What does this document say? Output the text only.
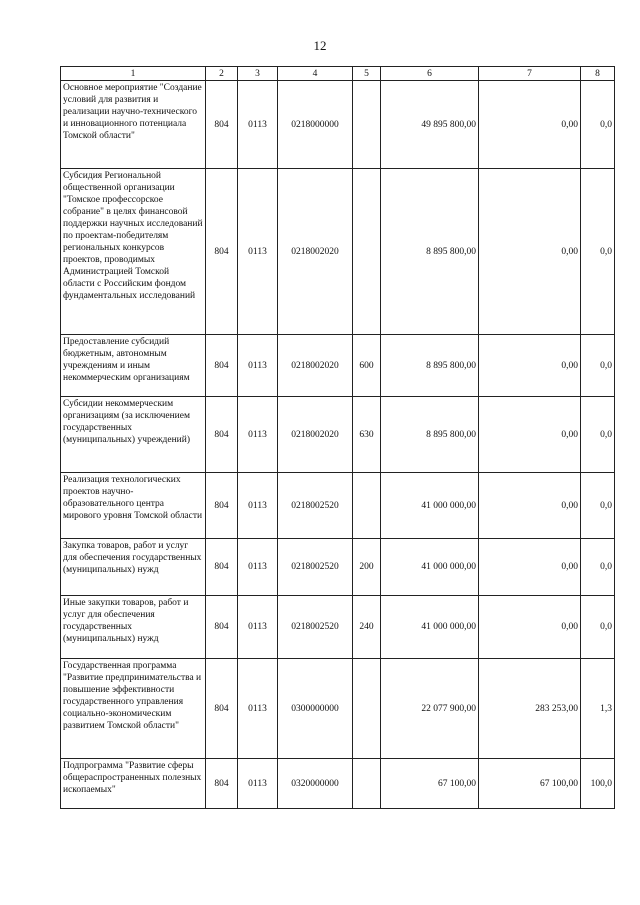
12
1	2	3	4	5	6	7	8
Основное мероприятие "Создание условий для развития и реализации научно-технического и инновационного потенциала Томской области"	804	0113	0218000000		49 895 800,00	0,00	0,0
Субсидия Региональной общественной организации "Томское профессорское собрание" в целях финансовой поддержки научных исследований по проектам-победителям региональных конкурсов проектов, проводимых Администрацией Томской области с Российским фондом фундаментальных исследований	804	0113	0218002020		8 895 800,00	0,00	0,0
Предоставление субсидий бюджетным, автономным учреждениям и иным некоммерческим организациям	804	0113	0218002020	600	8 895 800,00	0,00	0,0
Субсидии некоммерческим организациям (за исключением государственных (муниципальных) учреждений)	804	0113	0218002020	630	8 895 800,00	0,00	0,0
Реализация технологических проектов научно-образовательного центра мирового уровня Томской области	804	0113	0218002520		41 000 000,00	0,00	0,0
Закупка товаров, работ и услуг для обеспечения государственных (муниципальных) нужд	804	0113	0218002520	200	41 000 000,00	0,00	0,0
Иные закупки товаров, работ и услуг для обеспечения государственных (муниципальных) нужд	804	0113	0218002520	240	41 000 000,00	0,00	0,0
Государственная программа "Развитие предпринимательства и повышение эффективности государственного управления социально-экономическим развитием Томской области"	804	0113	0300000000		22 077 900,00	283 253,00	1,3
Подпрограмма "Развитие сферы общераспространенных полезных ископаемых"	804	0113	0320000000		67 100,00	67 100,00	100,0
